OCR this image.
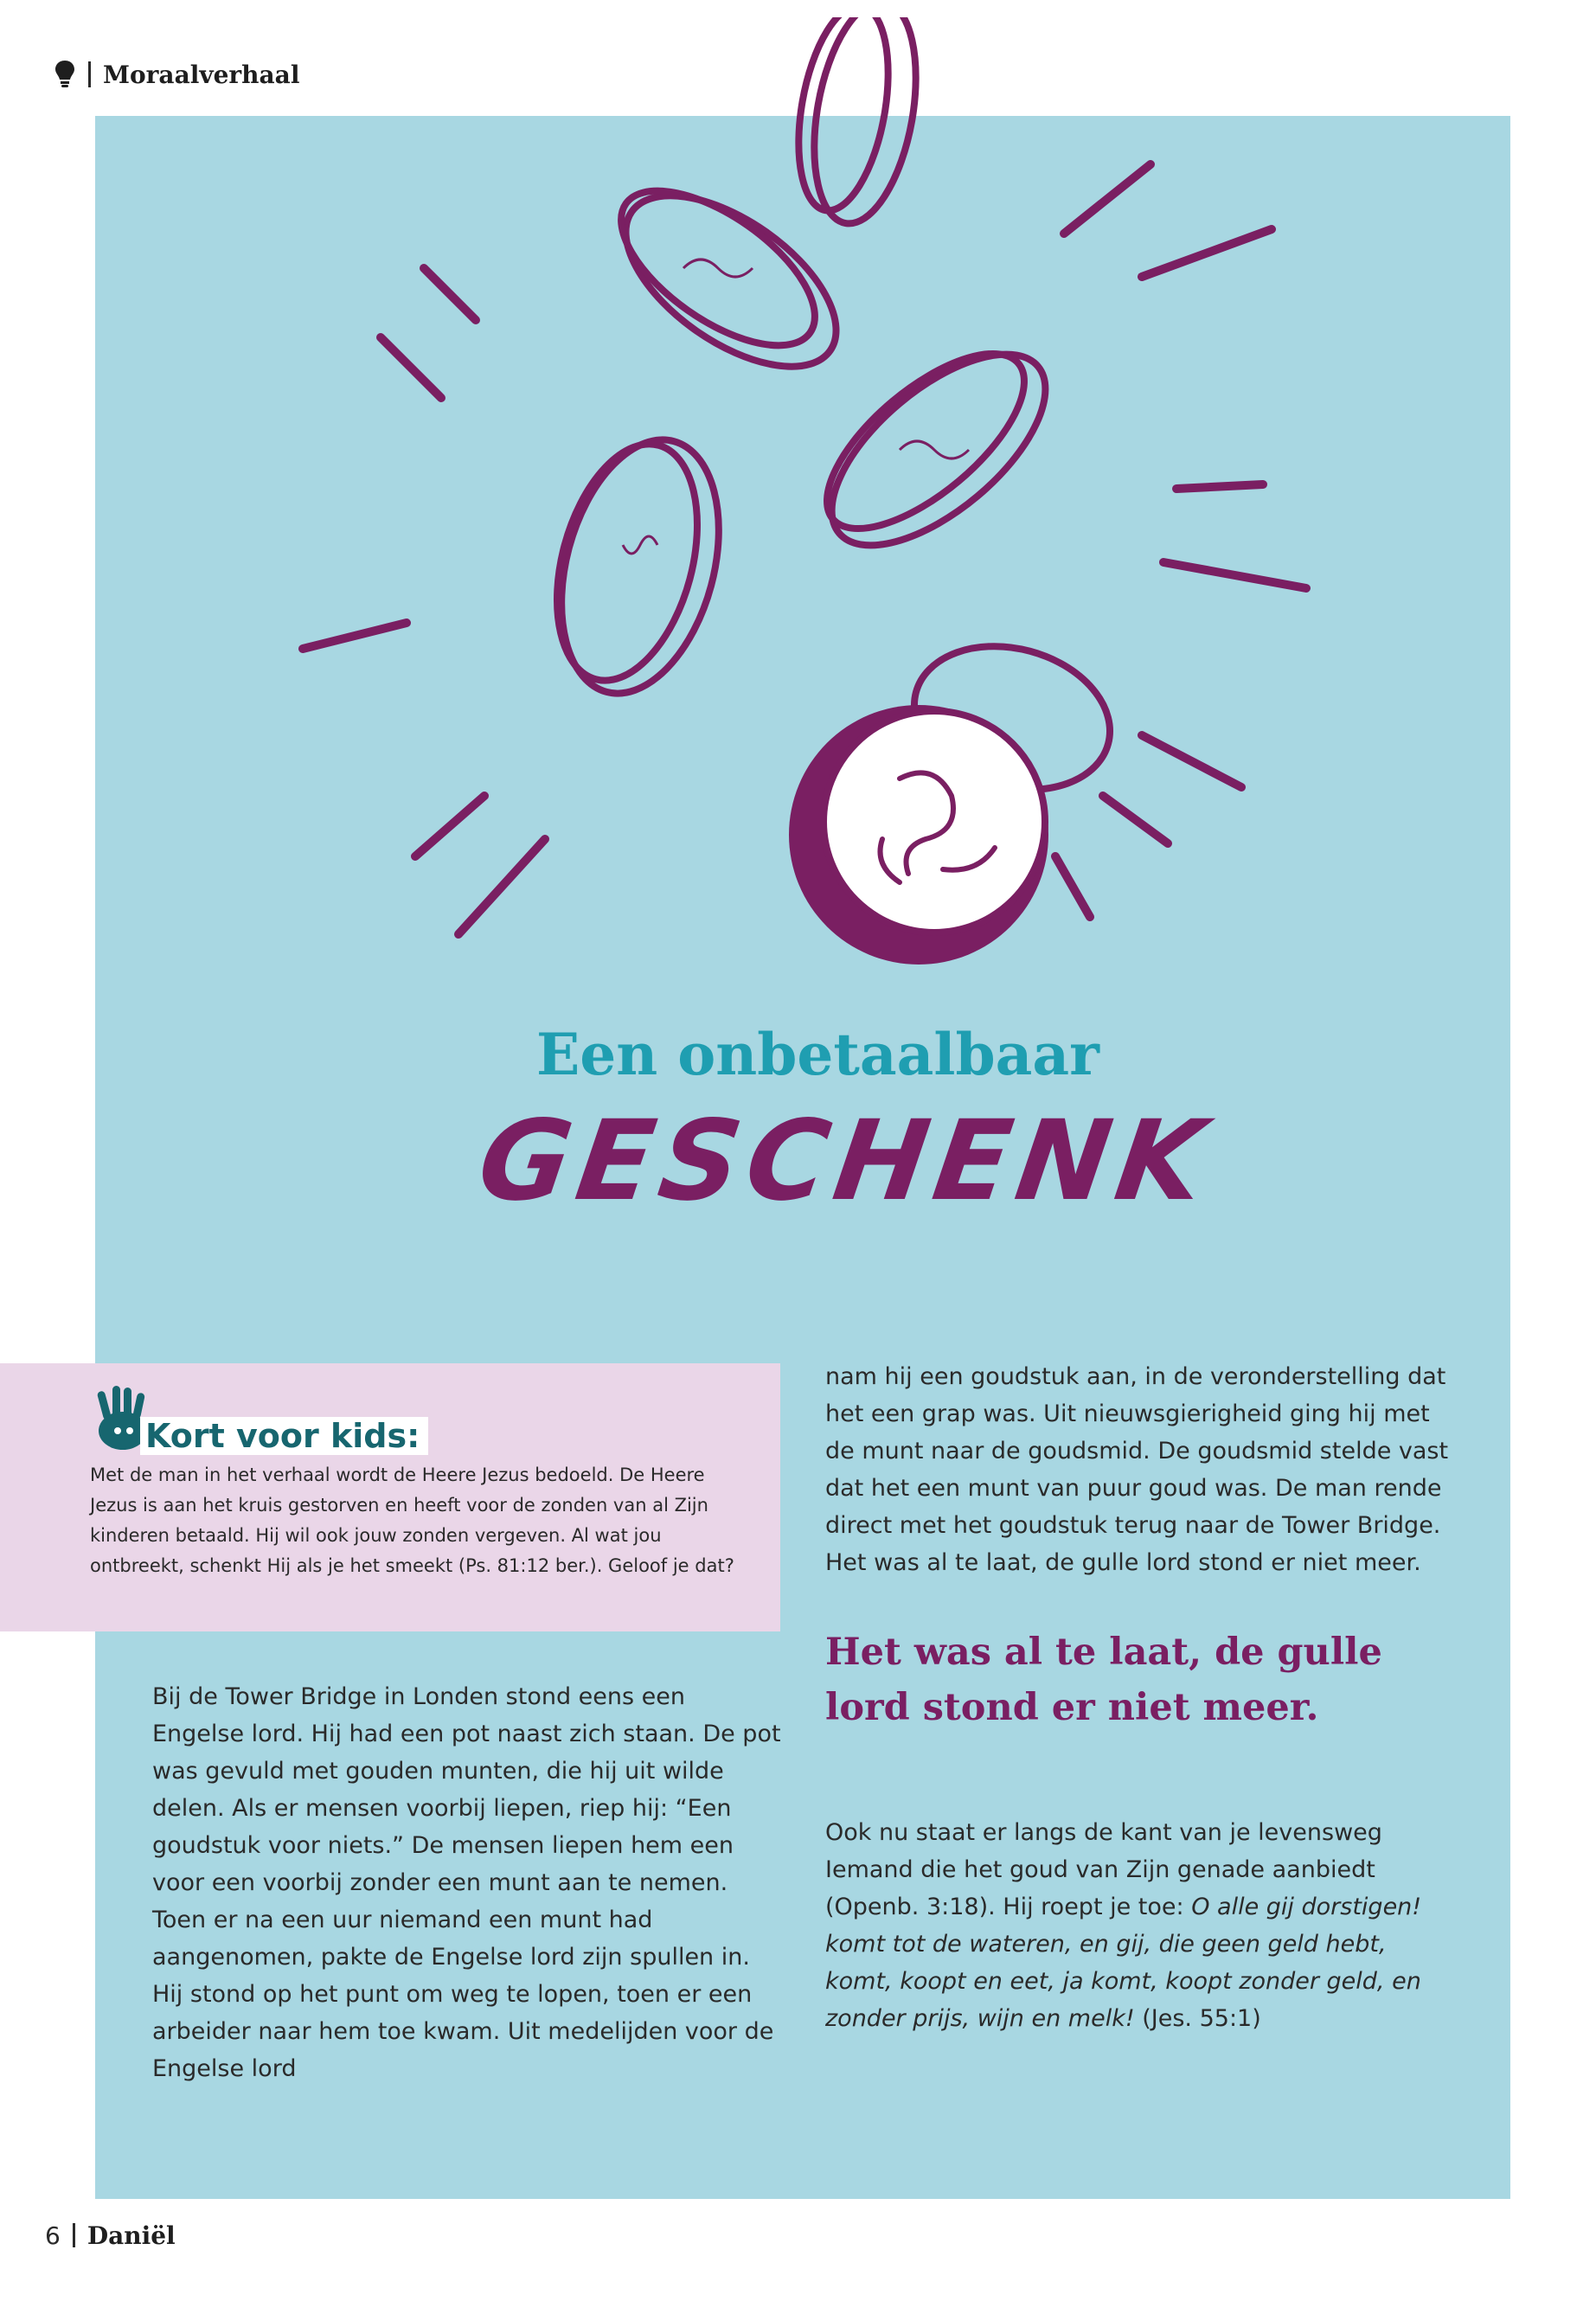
Moraalverhaal
Een onbetaalbaar
GESCHENK
Kort voor kids:
Met de man in het verhaal wordt de Heere Jezus bedoeld. De Heere Jezus is aan het kruis gestorven en heeft voor de zonden van al Zijn kinderen betaald. Hij wil ook jouw zonden vergeven. Al wat jou ontbreekt, schenkt Hij als je het smeekt (Ps. 81:12 ber.). Geloof je dat?

Bij de Tower Bridge in Londen stond eens een Engelse lord. Hij had een pot naast zich staan. De pot was gevuld met gouden munten, die hij uit wilde delen. Als er mensen voorbij liepen, riep hij: “Een goudstuk voor niets.” De mensen liepen hem een voor een voorbij zonder een munt aan te nemen. Toen er na een uur niemand een munt had aangenomen, pakte de Engelse lord zijn spullen in. Hij stond op het punt om weg te lopen, toen er een arbeider naar hem toe kwam. Uit medelijden voor de Engelse lord

nam hij een goudstuk aan, in de veronderstelling dat het een grap was. Uit nieuwsgierigheid ging hij met de munt naar de goudsmid. De goudsmid stelde vast dat het een munt van puur goud was. De man rende direct met het goudstuk terug naar de Tower Bridge. Het was al te laat, de gulle lord stond er niet meer.

Het was al te laat, de gulle lord stond er niet meer.

Ook nu staat er langs de kant van je levensweg Iemand die het goud van Zijn genade aanbiedt (Openb. 3:18). Hij roept je toe: O alle gij dorstigen! komt tot de wateren, en gij, die geen geld hebt, komt, koopt en eet, ja komt, koopt zonder geld, en zonder prijs, wijn en melk! (Jes. 55:1)

6 Daniël
